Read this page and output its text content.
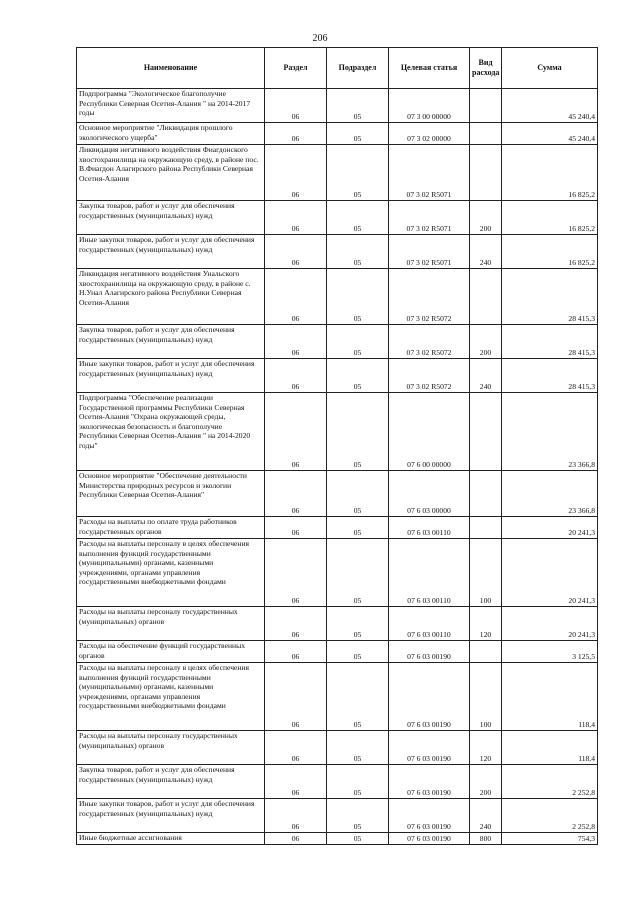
206
Наименование	Раздел	Подраздел	Целевая статья	Вид расхода	Сумма
Подпрограмма "Экологическое благополучие Республики Северная Осетия-Алания " на 2014-2017 годы	06	05	07 3 00 00000		45 240,4
Основное мероприятие "Ликвидация прошлого экологического ущерба"	06	05	07 3 02 00000		45 240,4
Ликвидация негативного воздействия Фиагдонского хвостохранилища на окружающую среду, в районе пос. В.Фиагдон Алагирского района Республики Северная Осетия-Алания	06	05	07 3 02 R5071		16 825,2
Закупка товаров, работ и услуг для обеспечения государственных (муниципальных) нужд	06	05	07 3 02 R5071	200	16 825,2
Иные закупки товаров, работ и услуг для обеспечения государственных (муниципальных) нужд	06	05	07 3 02 R5071	240	16 825,2
Ликвидация негативного воздействия Унальского хвостохранилища на окружающую среду, в районе с. Н.Унал Алагирского района Республики Северная Осетия-Алания	06	05	07 3 02 R5072		28 415,3
Закупка товаров, работ и услуг для обеспечения государственных (муниципальных) нужд	06	05	07 3 02 R5072	200	28 415,3
Иные закупки товаров, работ и услуг для обеспечения государственных (муниципальных) нужд	06	05	07 3 02 R5072	240	28 415,3
Подпрограмма "Обеспечение реализации Государственной программы Республики Северная Осетия-Алания "Охрана окружающей среды, экологическая безопасность и благополучие Республики Северная Осетия-Алания " на 2014-2020 годы"	06	05	07 6 00 00000		23 366,8
Основное мероприятие "Обеспечение деятельности Министерства природных ресурсов и экологии Республики Северная Осетия-Алания"	06	05	07 6 03 00000		23 366,8
Расходы на выплаты по оплате труда работников государственных органов	06	05	07 6 03 00110		20 241,3
Расходы на выплаты персоналу в целях обеспечения выполнения функций государственными (муниципальными) органами, казенными учреждениями, органами управления государственными внебюджетными фондами	06	05	07 6 03 00110	100	20 241,3
Расходы на выплаты персоналу государственных (муниципальных) органов	06	05	07 6 03 00110	120	20 241,3
Расходы на обеспечение функций государственных органов	06	05	07 6 03 00190		3 125,5
Расходы на выплаты персоналу в целях обеспечения выполнения функций государственными (муниципальными) органами, казенными учреждениями, органами управления государственными внебюджетными фондами	06	05	07 6 03 00190	100	118,4
Расходы на выплаты персоналу государственных (муниципальных) органов	06	05	07 6 03 00190	120	118,4
Закупка товаров, работ и услуг для обеспечения государственных (муниципальных) нужд	06	05	07 6 03 00190	200	2 252,8
Иные закупки товаров, работ и услуг для обеспечения государственных (муниципальных) нужд	06	05	07 6 03 00190	240	2 252,8
Иные бюджетные ассигнования	06	05	07 6 03 00190	800	754,3
